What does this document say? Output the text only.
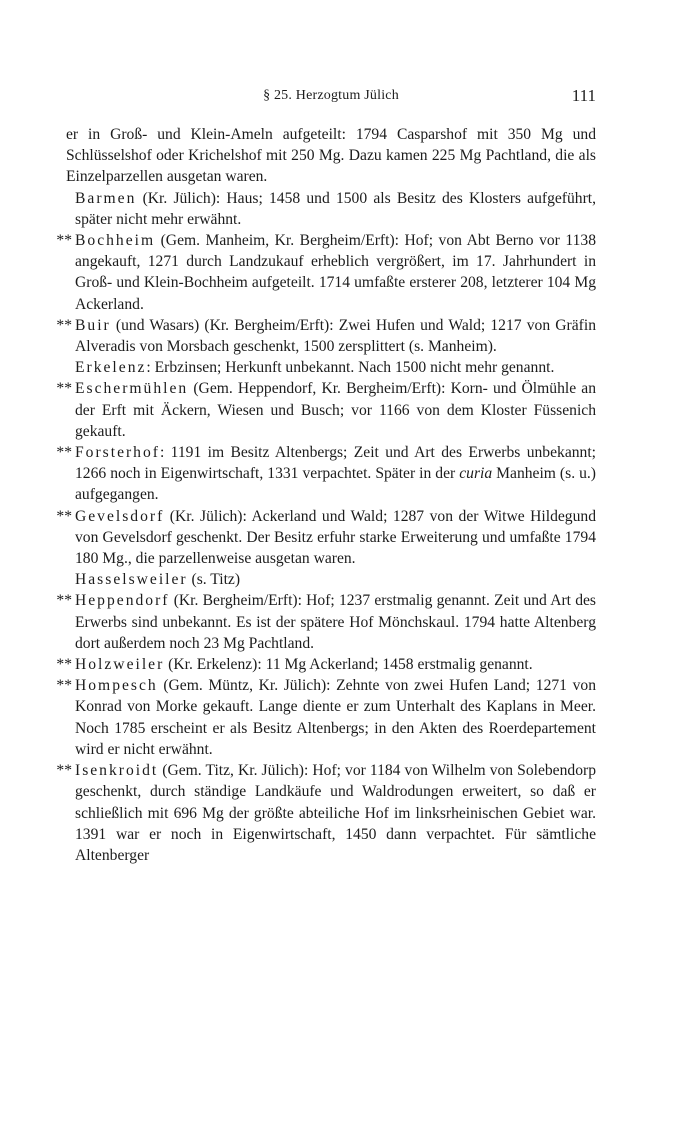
§ 25. Herzogtum Jülich	111

er in Groß- und Klein-Ameln aufgeteilt: 1794 Casparshof mit 350 Mg und Schlüsselshof oder Krichelshof mit 250 Mg. Dazu kamen 225 Mg Pachtland, die als Einzelparzellen ausgetan waren.

Barmen (Kr. Jülich): Haus; 1458 und 1500 als Besitz des Klosters aufgeführt, später nicht mehr erwähnt.

** Bochheim (Gem. Manheim, Kr. Bergheim/Erft): Hof; von Abt Berno vor 1138 angekauft, 1271 durch Landzukauf erheblich vergrößert, im 17. Jahrhundert in Groß- und Klein-Bochheim aufgeteilt. 1714 umfaßte ersterer 208, letzterer 104 Mg Ackerland.

** Buir (und Wasars) (Kr. Bergheim/Erft): Zwei Hufen und Wald; 1217 von Gräfin Alveradis von Morsbach geschenkt, 1500 zersplittert (s. Manheim).

Erkelenz: Erbzinsen; Herkunft unbekannt. Nach 1500 nicht mehr genannt.

** Eschermühlen (Gem. Heppendorf, Kr. Bergheim/Erft): Korn- und Ölmühle an der Erft mit Äckern, Wiesen und Busch; vor 1166 von dem Kloster Füssenich gekauft.

** Forsterhof: 1191 im Besitz Altenbergs; Zeit und Art des Erwerbs unbekannt; 1266 noch in Eigenwirtschaft, 1331 verpachtet. Später in der curia Manheim (s. u.) aufgegangen.

** Gevelsdorf (Kr. Jülich): Ackerland und Wald; 1287 von der Witwe Hildegund von Gevelsdorf geschenkt. Der Besitz erfuhr starke Erweiterung und umfaßte 1794 180 Mg., die parzellenweise ausgetan waren.

Hasselsweiler (s. Titz)

** Heppendorf (Kr. Bergheim/Erft): Hof; 1237 erstmalig genannt. Zeit und Art des Erwerbs sind unbekannt. Es ist der spätere Hof Mönchskaul. 1794 hatte Altenberg dort außerdem noch 23 Mg Pachtland.

** Holzweiler (Kr. Erkelenz): 11 Mg Ackerland; 1458 erstmalig genannt.

** Hompesch (Gem. Müntz, Kr. Jülich): Zehnte von zwei Hufen Land; 1271 von Konrad von Morke gekauft. Lange diente er zum Unterhalt des Kaplans in Meer. Noch 1785 erscheint er als Besitz Altenbergs; in den Akten des Roerdepartement wird er nicht erwähnt.

** Isenkroidt (Gem. Titz, Kr. Jülich): Hof; vor 1184 von Wilhelm von Solebendorp geschenkt, durch ständige Landkäufe und Waldrodungen erweitert, so daß er schließlich mit 696 Mg der größte abteiliche Hof im linksrheinischen Gebiet war. 1391 war er noch in Eigenwirtschaft, 1450 dann verpachtet. Für sämtliche Altenberger
